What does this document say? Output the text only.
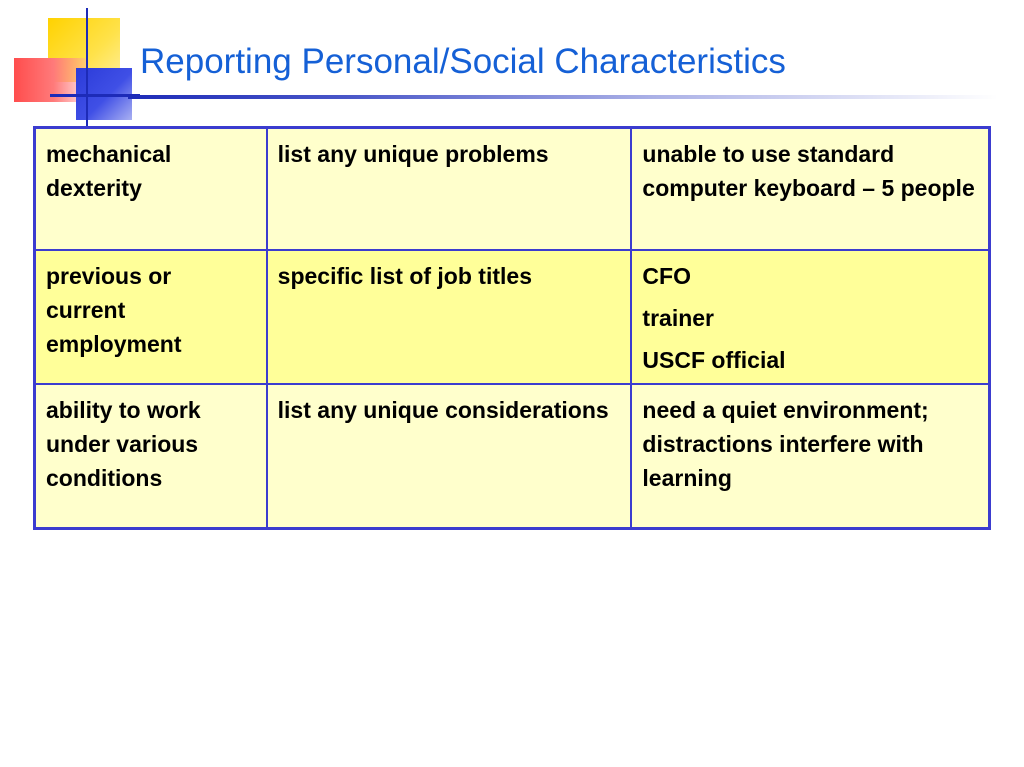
Reporting Personal/Social Characteristics
mechanical dexterity	list any unique problems	unable to use standard computer keyboard – 5 people

previous or current employment	specific list of job titles	CFO
trainer
USCF official

ability to work under various conditions	list any unique considerations	need a quiet environment; distractions interfere with learning
